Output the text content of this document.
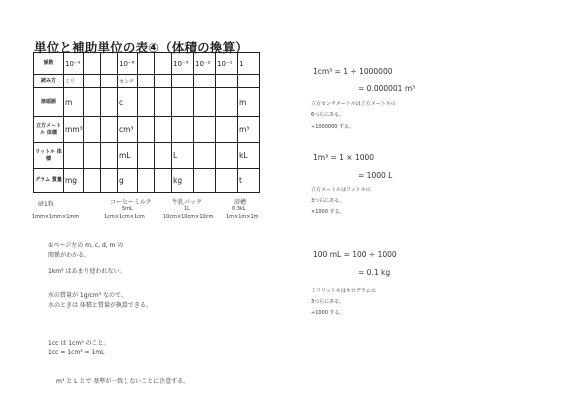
単位と補助単位の表④（体積の換算）
係数	10⁻⁹			10⁻⁶			10⁻³	10⁻²	10⁻¹	1
読み方	ミリ			センチ						
接頭語	m			c						m
立方メートル 体積	mm³			cm³						m³
リットル 体積				mL			L			kL
グラム 質量	mg			g			kg			t
砂1粒
1mm×1mm×1mm
コーヒーミルク
5mL
1cm×1cm×1cm
牛乳パック
1L
10cm×10cm×10cm
浴槽
0.3kL
1m×1m×1m
①ページ左の m, c, d, m の
関係がわかる。
1km³ はあまり使われない。
水の質量が 1g/cm³ なので、
水のときは 体積と質量が換算できる。
1cc は 1cm³ のこと。
1cc = 1cm³ = 1mL
m³ と L とで 基準が一致しないことに注意する。
1cm³ = 1 ÷ 1000000
= 0.000001 m³
立方センチメートルは立方メートルの
6つ左にある。
÷1000000 する。
1m³ = 1 × 1000
= 1000 L
立方メートルはリットルの
3つ右にある。
×1000 する。
100 mL = 100 ÷ 1000
= 0.1 kg
ミリリットルはキログラムの
3つ左にある。
÷1000 する。
